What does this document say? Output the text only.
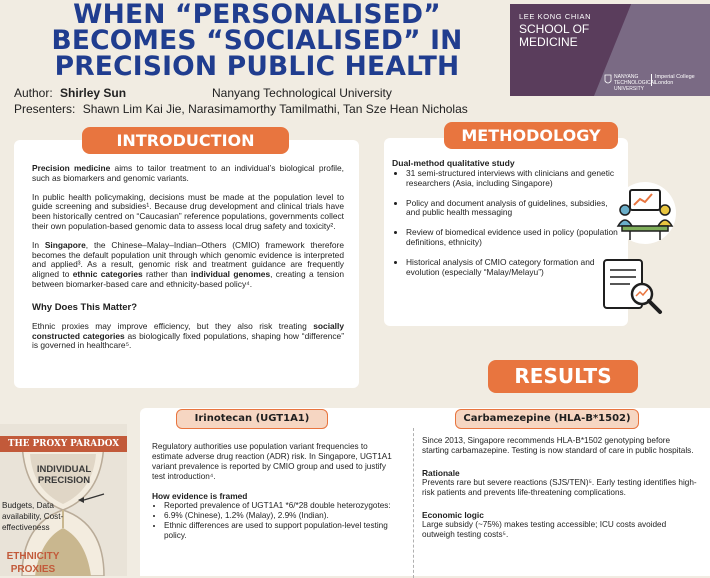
WHEN “PERSONALISED”
BECOMES “SOCIALISED” IN
PRECISION PUBLIC HEALTH
LEE KONG CHIAN
SCHOOL OF
MEDICINE
NANYANG
TECHNOLOGICAL
UNIVERSITY
Imperial College
London
Author: Shirley Sun	Nanyang Technological University
Presenters: Shawn Lim Kai Jie, Narasimamorthy Tamilmathi, Tan Sze Hean Nicholas

Precision medicine aims to tailor treatment to an individual’s biological profile, such as biomarkers and genomic variants.

In public health policymaking, decisions must be made at the population level to guide screening and subsidies¹. Because drug development and clinical trials have been historically centred on “Caucasian” reference populations, governments collect their own population-based genomic data to assess local drug safety and toxicity².

In Singapore, the Chinese–Malay–Indian–Others (CMIO) framework therefore becomes the default population unit through which genomic evidence is interpreted and applied³. As a result, genomic risk and treatment guidance are frequently aligned to ethnic categories rather than individual genomes, creating a tension between biomarker-based care and ethnicity-based policy⁴.

Why Does This Matter?

Ethnic proxies may improve efficiency, but they also risk treating socially constructed categories as biologically fixed populations, shaping how “difference” is governed in healthcare⁵.

INTRODUCTION
Dual-method qualitative study
• 31 semi-structured interviews with clinicians and genetic researchers (Asia, including Singapore)
• Policy and document analysis of guidelines, subsidies, and public health messaging
• Review of biomedical evidence used in policy (population definitions, ethnicity)
• Historical analysis of CMIO category formation and evolution (especially “Malay/Melayu”)
METHODOLOGY
RESULTS
THE PROXY PARADOX
INDIVIDUAL PRECISION
Budgets, Data availability, Cost-effectiveness
ETHNICITY PROXIES

Regulatory authorities use population variant frequencies to estimate adverse drug reaction (ADR) risk. In Singapore, UGT1A1 variant prevalence is reported by CMIO group and used to justify test introduction⁴.

How evidence is framed
• Reported prevalence of UGT1A1 *6/*28 double heterozygotes:
• 6.9% (Chinese), 1.2% (Malay), 2.9% (Indian).
• Ethnic differences are used to support population-level testing policy.

Since 2013, Singapore recommends HLA-B*1502 genotyping before starting carbamazepine. Testing is now standard of care in public hospitals.

Rationale

Prevents rare but severe reactions (SJS/TEN)⁵. Early testing identifies high-risk patients and prevents life-threatening complications.

Economic logic

Large subsidy (~75%) makes testing accessible; ICU costs avoided outweigh testing costs⁵.

Irinotecan (UGT1A1)	Carbamezepine (HLA-B*1502)
